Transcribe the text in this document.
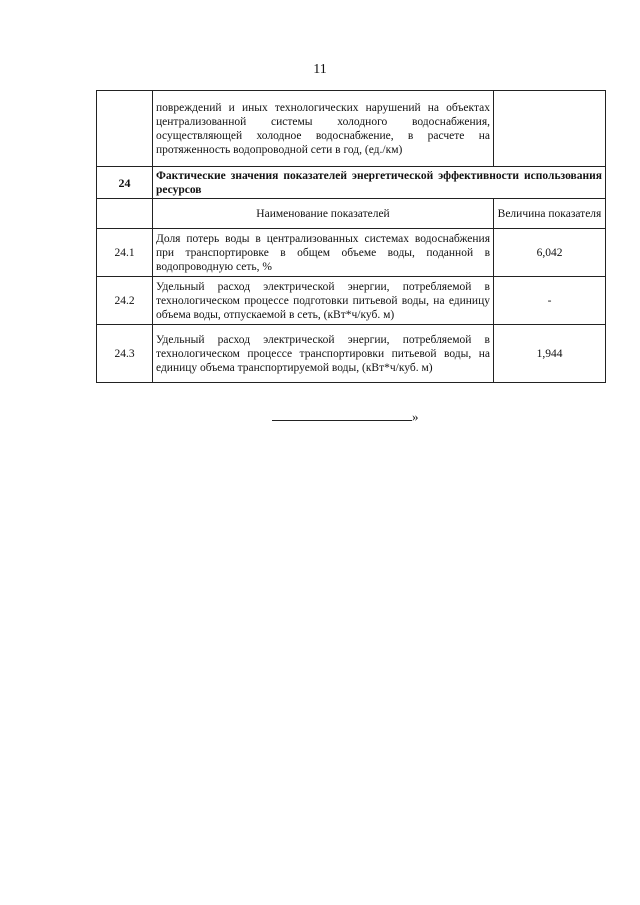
11
	повреждений и иных технологических нарушений на объектах централизованной системы холодного водоснабжения, осуществляющей холодное водоснабжение, в расчете на протяженность водопроводной сети в год, (ед./км)	
24	Фактические значения показателей энергетической эффективности использования ресурсов	
	Наименование показателей	Величина показателя
24.1	Доля потерь воды в централизованных системах водоснабжения при транспортировке в общем объеме воды, поданной в водопроводную сеть, %	6,042
24.2	Удельный расход электрической энергии, потребляемой в технологическом процессе подготовки питьевой воды, на единицу объема воды, отпускаемой в сеть, (кВт*ч/куб. м)	-
24.3	Удельный расход электрической энергии, потребляемой в технологическом процессе транспортировки питьевой воды, на единицу объема транспортируемой воды, (кВт*ч/куб. м)	1,944
»
